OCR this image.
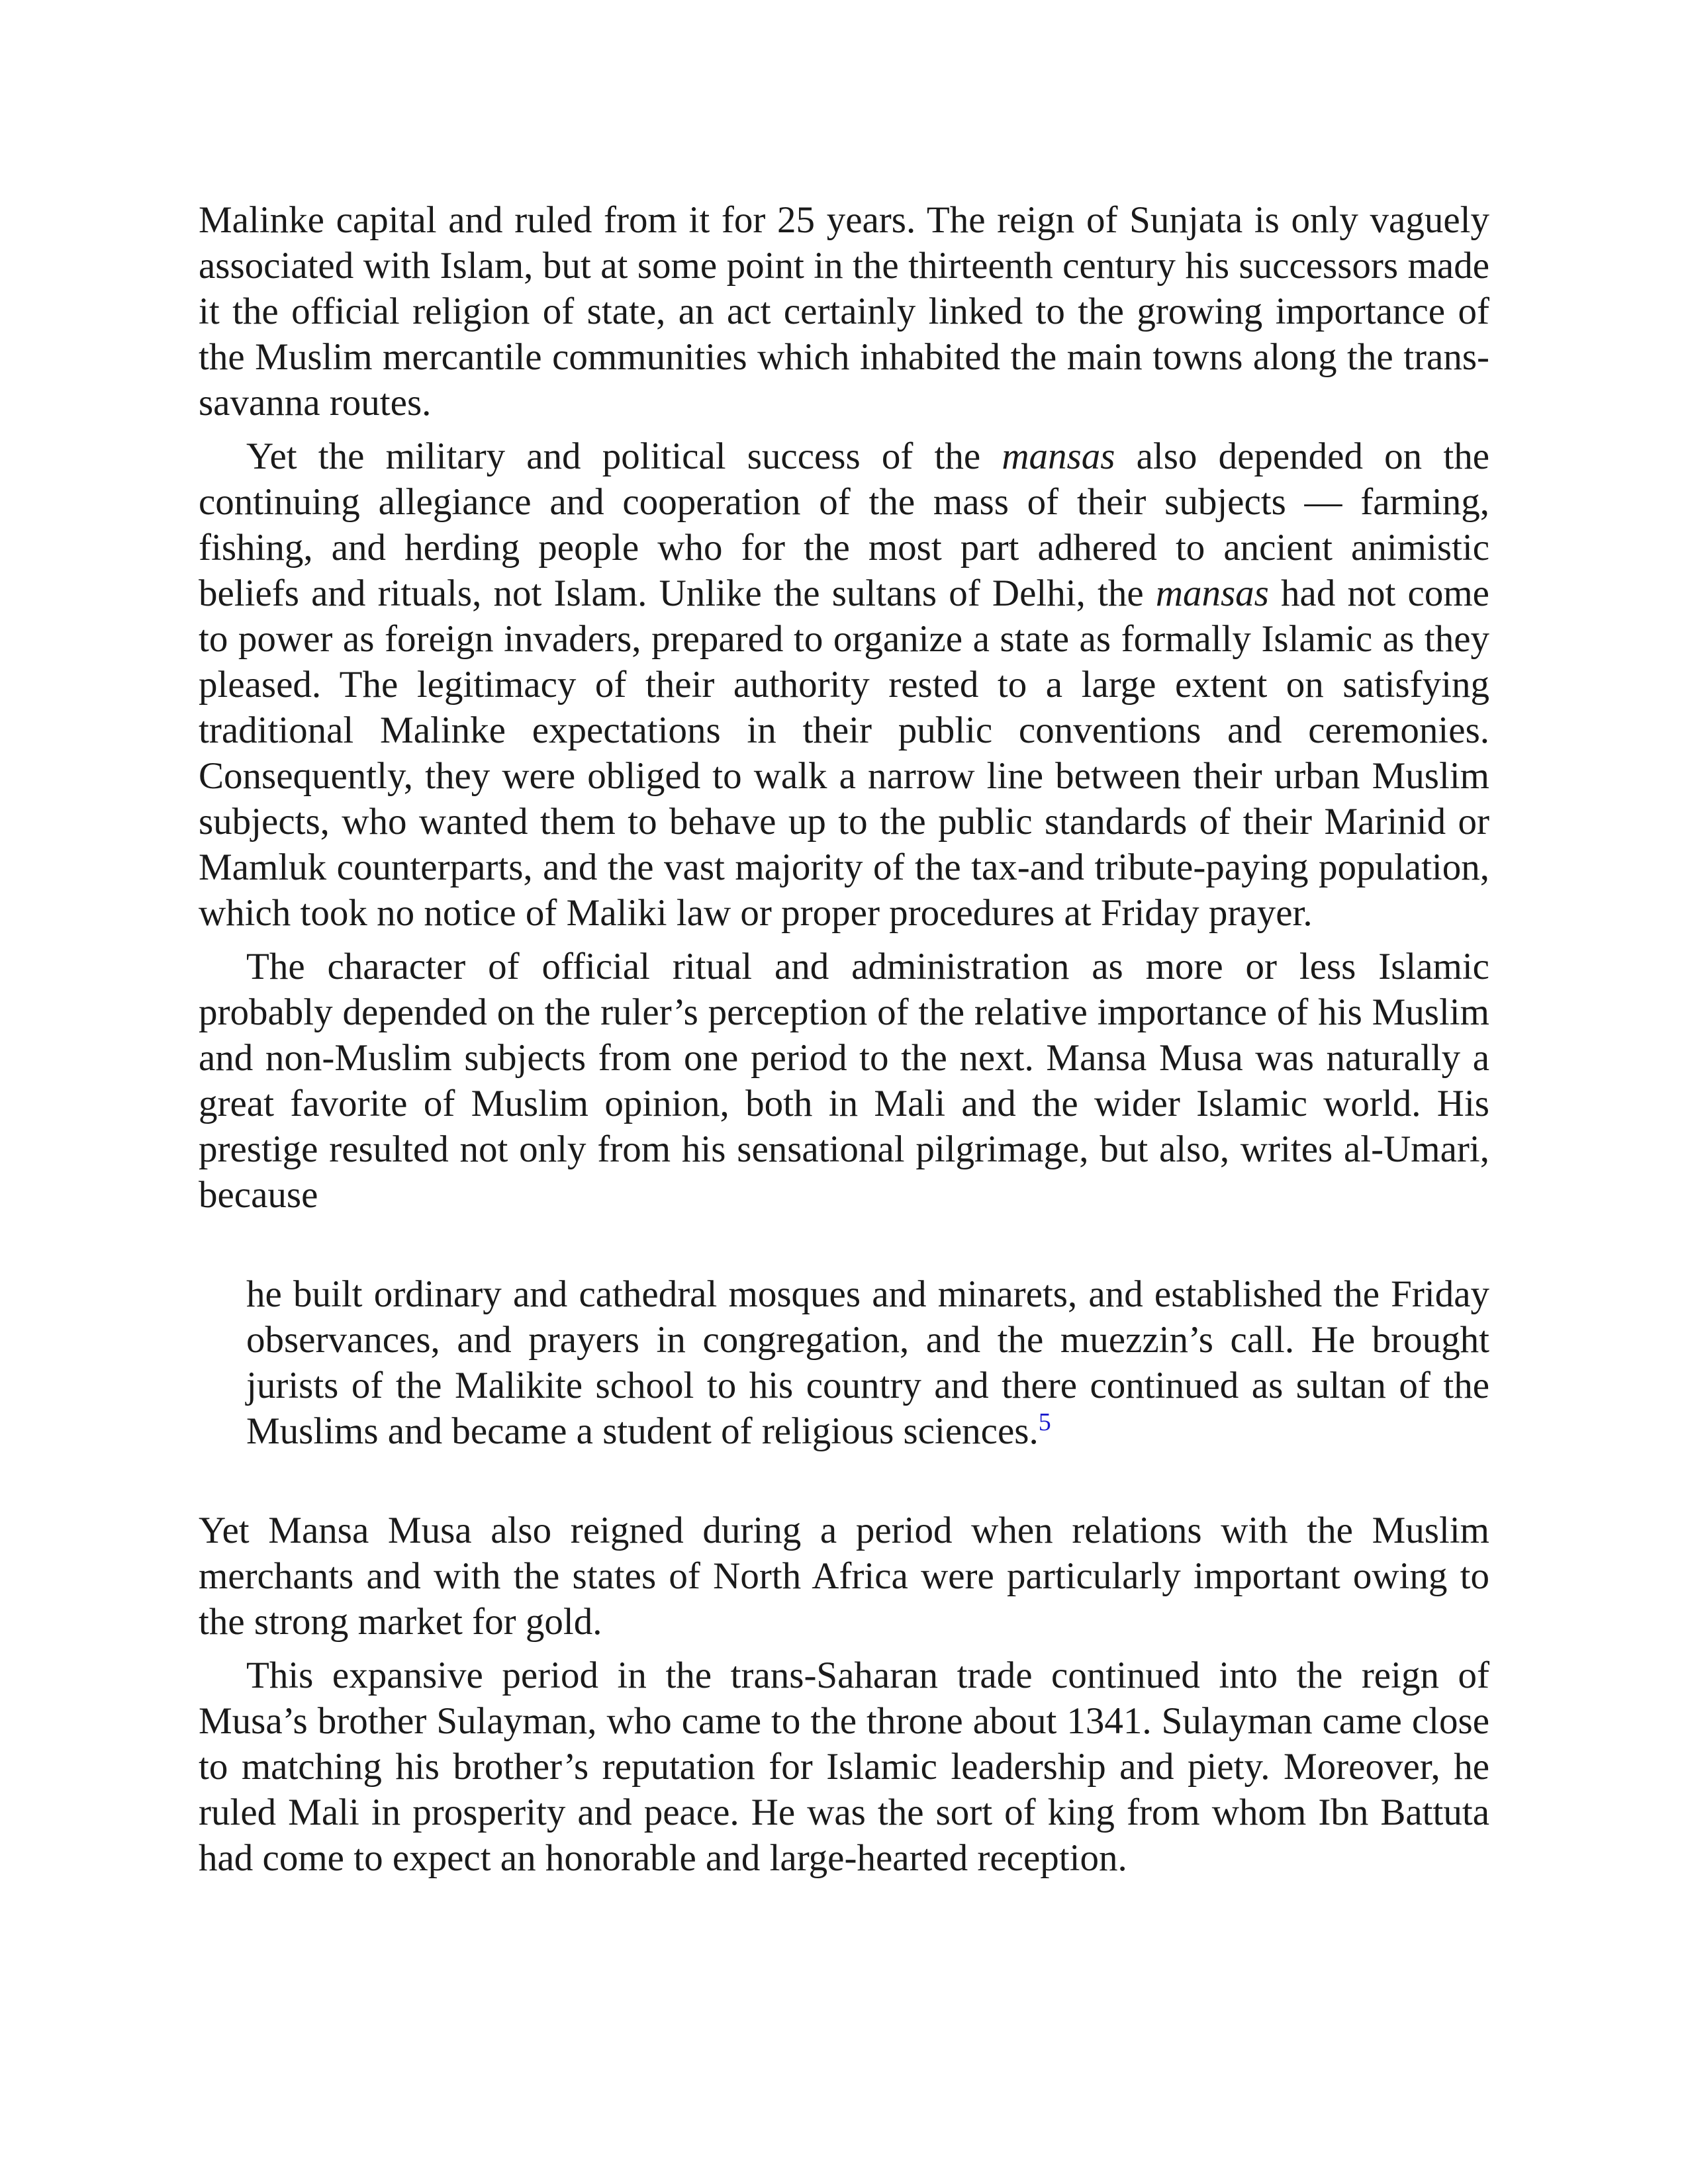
Malinke capital and ruled from it for 25 years. The reign of Sunjata is only vaguely associated with Islam, but at some point in the thirteenth century his successors made it the official religion of state, an act certainly linked to the growing importance of the Muslim mercantile communities which inhabited the main towns along the trans-savanna routes.

Yet the military and political success of the mansas also depended on the continuing allegiance and cooperation of the mass of their subjects — farming, fishing, and herding people who for the most part adhered to ancient animistic beliefs and rituals, not Islam. Unlike the sultans of Delhi, the mansas had not come to power as foreign invaders, prepared to organize a state as formally Islamic as they pleased. The legitimacy of their authority rested to a large extent on satisfying traditional Malinke expectations in their public conventions and ceremonies. Consequently, they were obliged to walk a narrow line between their urban Muslim subjects, who wanted them to behave up to the public standards of their Marinid or Mamluk counterparts, and the vast majority of the tax-and tribute-paying population, which took no notice of Maliki law or proper procedures at Friday prayer.

The character of official ritual and administration as more or less Islamic probably depended on the ruler’s perception of the relative importance of his Muslim and non-Muslim subjects from one period to the next. Mansa Musa was naturally a great favorite of Muslim opinion, both in Mali and the wider Islamic world. His prestige resulted not only from his sensational pilgrimage, but also, writes al-Umari, because

he built ordinary and cathedral mosques and minarets, and established the Friday observances, and prayers in congregation, and the muezzin’s call. He brought jurists of the Malikite school to his country and there continued as sultan of the Muslims and became a student of religious sciences.$^5$

Yet Mansa Musa also reigned during a period when relations with the Muslim merchants and with the states of North Africa were particularly important owing to the strong market for gold.

This expansive period in the trans-Saharan trade continued into the reign of Musa’s brother Sulayman, who came to the throne about 1341. Sulayman came close to matching his brother’s reputation for Islamic leadership and piety. Moreover, he ruled Mali in prosperity and peace. He was the sort of king from whom Ibn Battuta had come to expect an honorable and large-hearted reception.
